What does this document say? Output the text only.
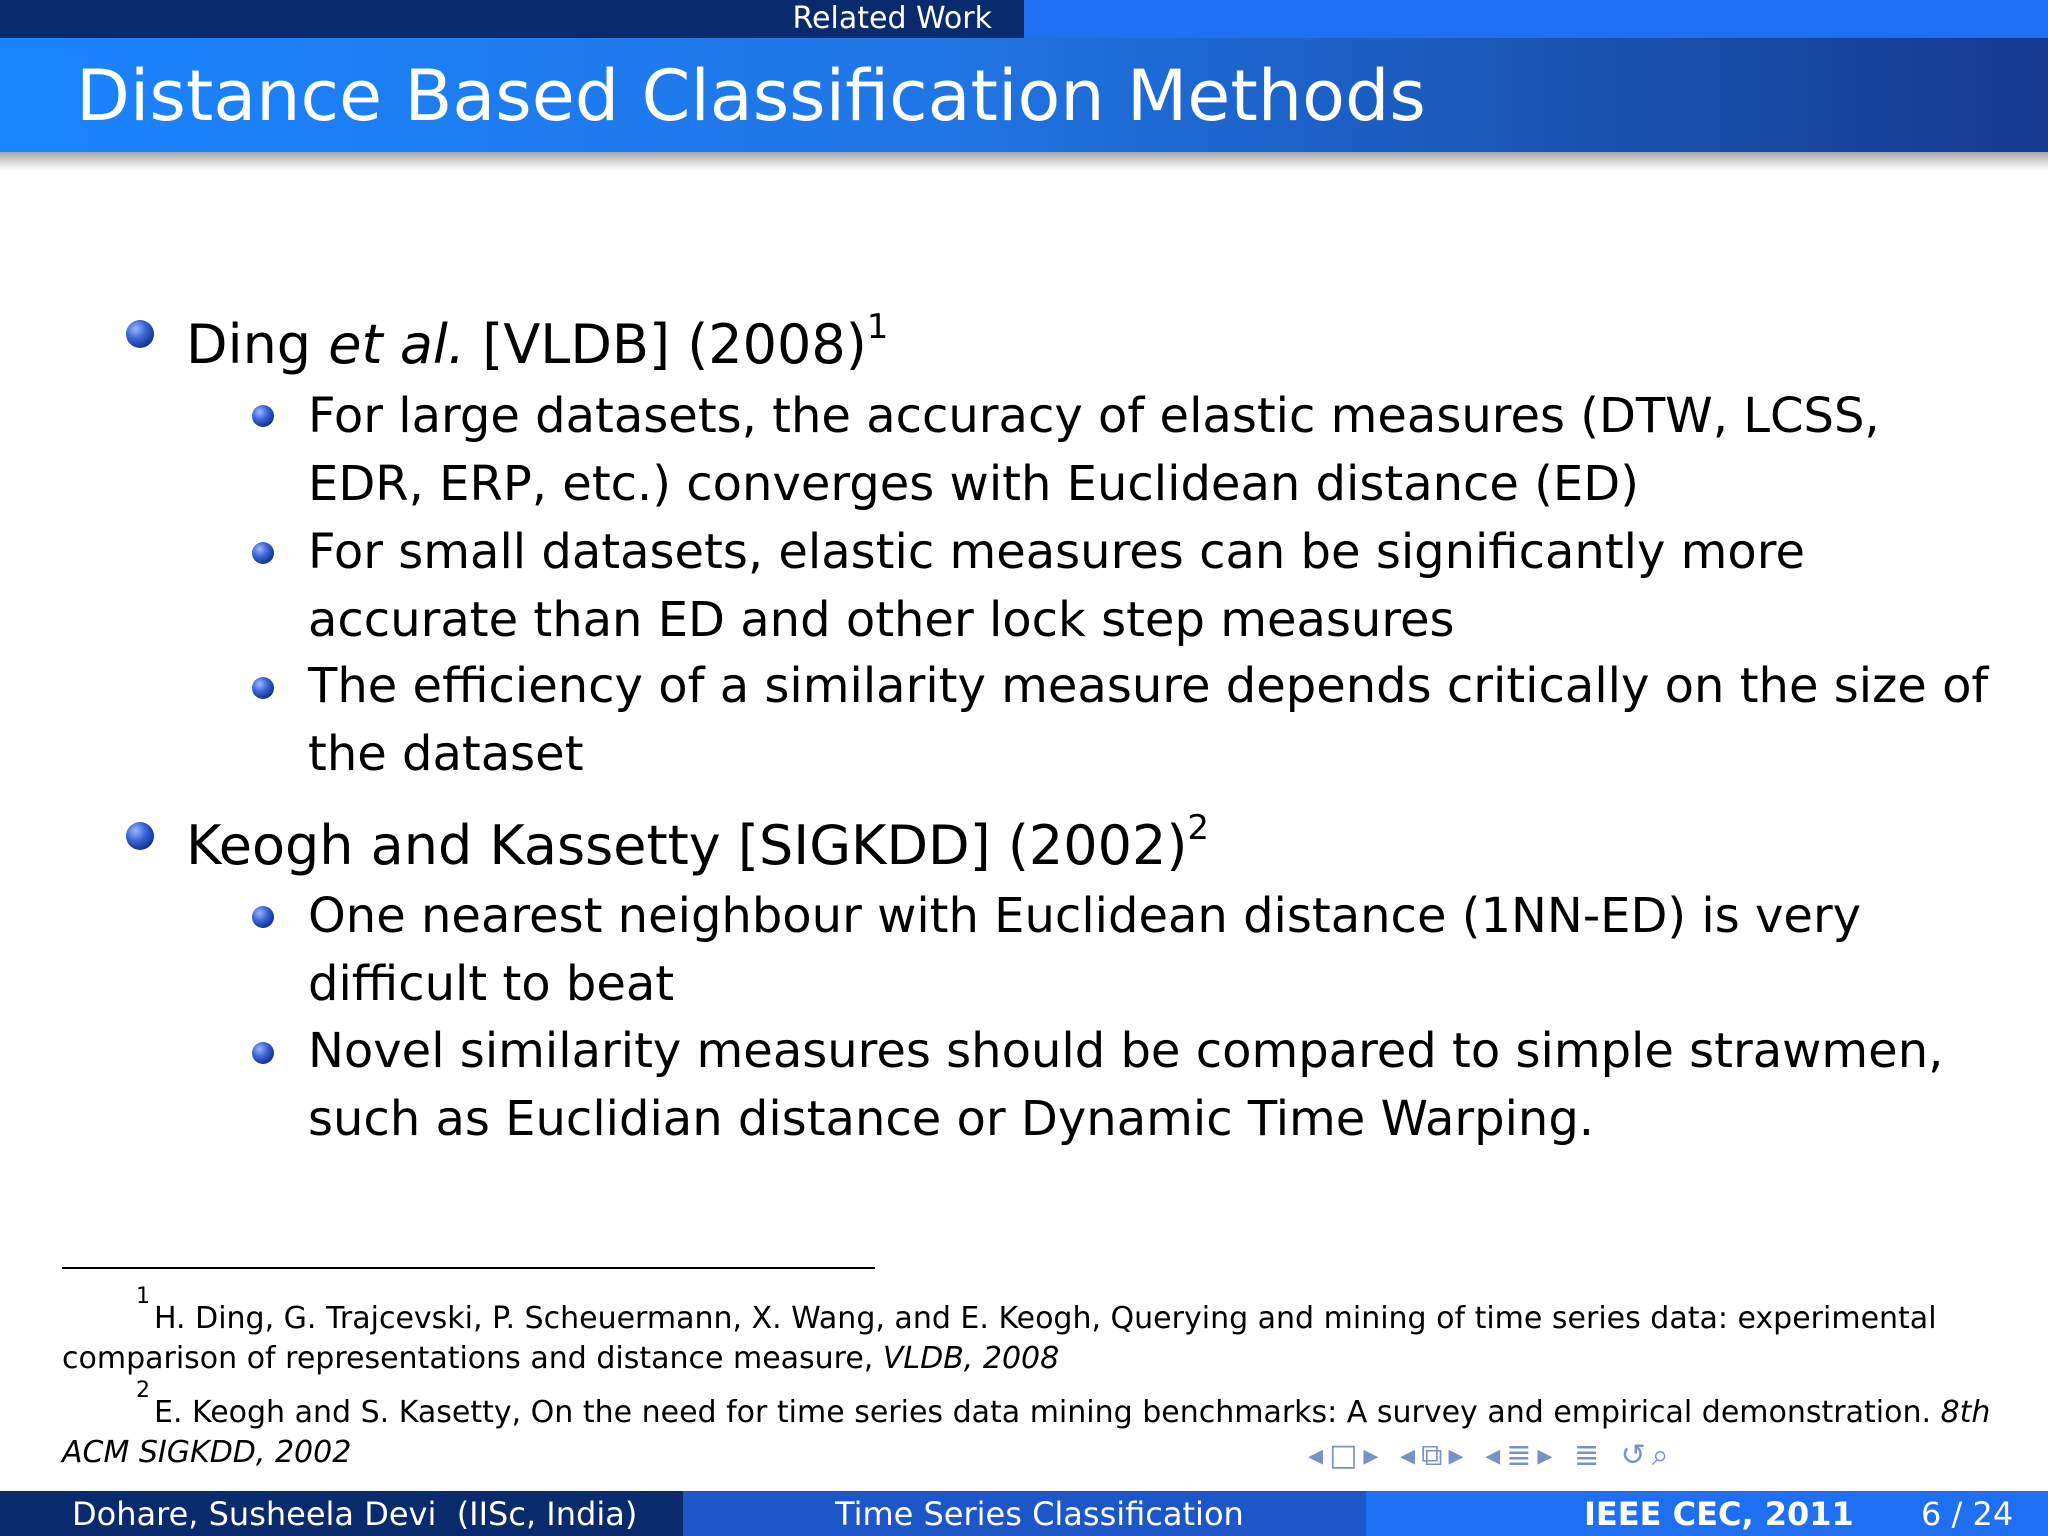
Related Work
Distance Based Classification Methods
Ding et al. [VLDB] $(2008)^1$
For large datasets, the accuracy of elastic measures (DTW, LCSS, EDR, ERP, etc.) converges with Euclidean distance (ED)
For small datasets, elastic measures can be significantly more accurate than ED and other lock step measures
The efficiency of a similarity measure depends critically on the size of the dataset
Keogh and Kassetty [SIGKDD] $(2002)^2$
One nearest neighbour with Euclidean distance (1NN-ED) is very difficult to beat
Novel similarity measures should be compared to simple strawmen, such as Euclidian distance or Dynamic Time Warping.
1
H. Ding, G. Trajcevski, P. Scheuermann, X. Wang, and E. Keogh, Querying and mining of time series data: experimental comparison of representations and distance measure, VLDB, 2008
2
E. Keogh and S. Kasetty, On the need for time series data mining benchmarks: A survey and empirical demonstration. 8th ACM SIGKDD, 2002	◂□▸ ◂⧉▸ ◂≣▸ ≣ ↺⌕
Dohare, Susheela Devi  (IISc, India)	Time Series Classification	IEEE CEC, 2011 6 / 24
